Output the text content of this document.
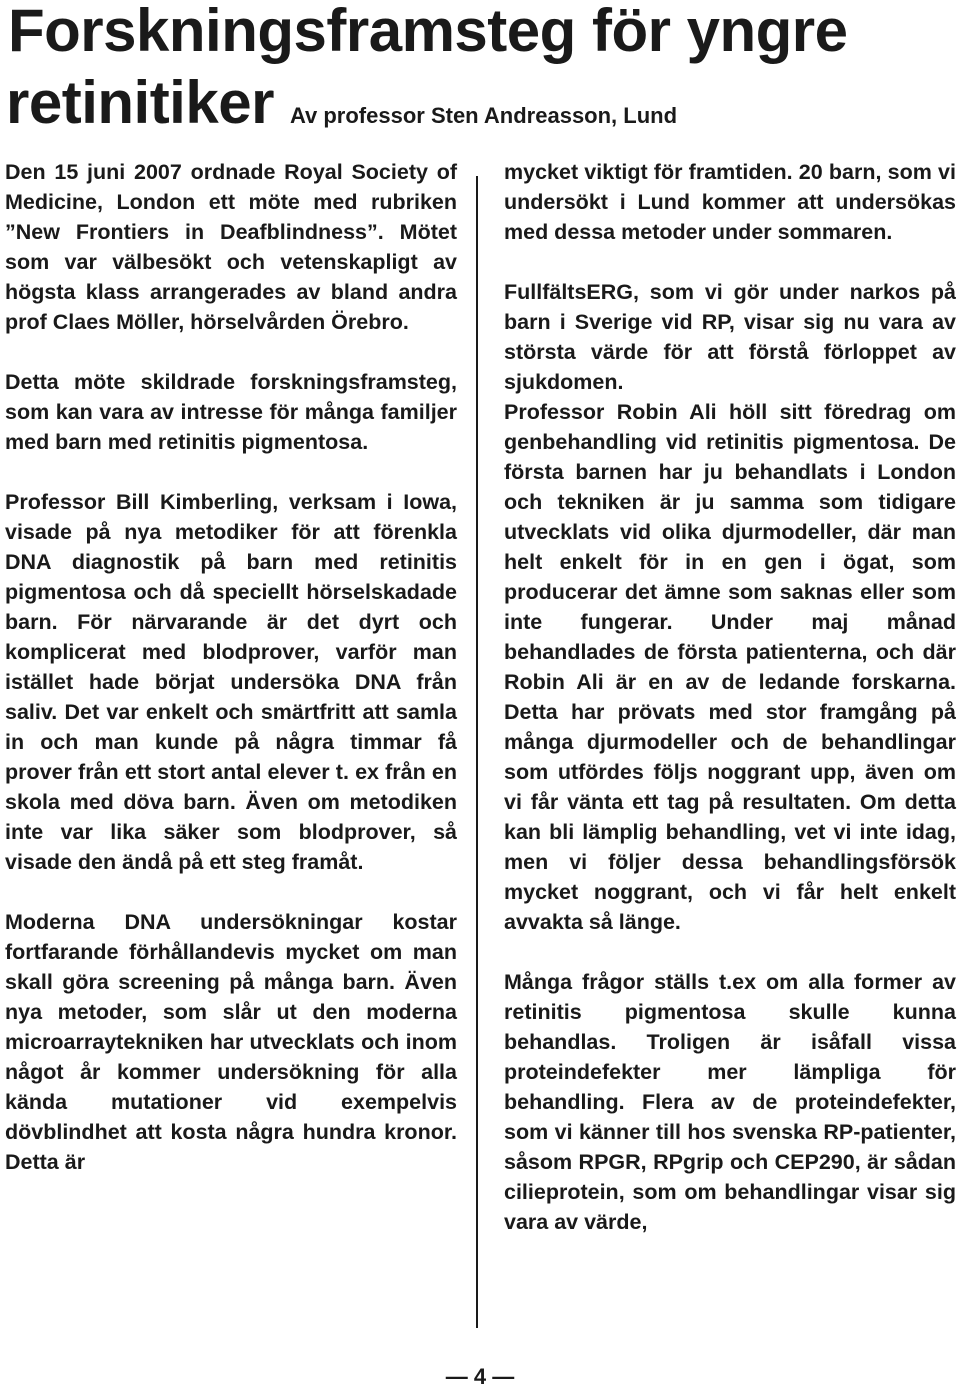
Forskningsframsteg för yngre
retinitiker Av professor Sten Andreasson, Lund

Den 15 juni 2007 ordnade Royal Society of Medicine, London ett möte med rubriken ”New Frontiers in Deafblindness”. Mötet som var välbesökt och vetenskapligt av högsta klass arrangerades av bland andra prof Claes Möller, hörselvården Örebro.

Detta möte skildrade forskningsframsteg, som kan vara av intresse för många familjer med barn med retinitis pigmentosa.

Professor Bill Kimberling, verksam i Iowa, visade på nya metodiker för att förenkla DNA diagnostik på barn med retinitis pigmentosa och då speciellt hörselskadade barn. För närvarande är det dyrt och komplicerat med blodprover, varför man istället hade börjat undersöka DNA från saliv. Det var enkelt och smärtfritt att samla in och man kunde på några timmar få prover från ett stort antal elever t. ex från en skola med döva barn. Även om metodiken inte var lika säker som blodprover, så visade den ändå på ett steg framåt.

Moderna DNA undersökningar kostar fortfarande förhållandevis mycket om man skall göra screening på många barn. Även nya metoder, som slår ut den moderna microarraytekniken har utvecklats och inom något år kommer undersökning för alla kända mutationer vid exempelvis dövblindhet att kosta några hundra kronor. Detta är

mycket viktigt för framtiden. 20 barn, som vi undersökt i Lund kommer att undersökas med dessa metoder under sommaren.

FullfältsERG, som vi gör under narkos på barn i Sverige vid RP, visar sig nu vara av största värde för att förstå förloppet av sjukdomen.

Professor Robin Ali höll sitt föredrag om genbehandling vid retinitis pigmentosa. De första barnen har ju behandlats i London och tekniken är ju samma som tidigare utvecklats vid olika djurmodeller, där man helt enkelt för in en gen i ögat, som producerar det ämne som saknas eller som inte fungerar. Under maj månad behandlades de första patienterna, och där Robin Ali är en av de ledande forskarna. Detta har prövats med stor framgång på många djurmodeller och de behandlingar som utfördes följs noggrant upp, även om vi får vänta ett tag på resultaten. Om detta kan bli lämplig behandling, vet vi inte idag, men vi följer dessa behandlingsförsök mycket noggrant, och vi får helt enkelt avvakta så länge.

Många frågor ställs t.ex om alla former av retinitis pigmentosa skulle kunna behandlas. Troligen är isåfall vissa proteindefekter mer lämpliga för behandling. Flera av de proteindefekter, som vi känner till hos svenska RP-patienter, såsom RPGR, RPgrip och CEP290, är sådan cilieprotein, som om behandlingar visar sig vara av värde,

— 4 —
